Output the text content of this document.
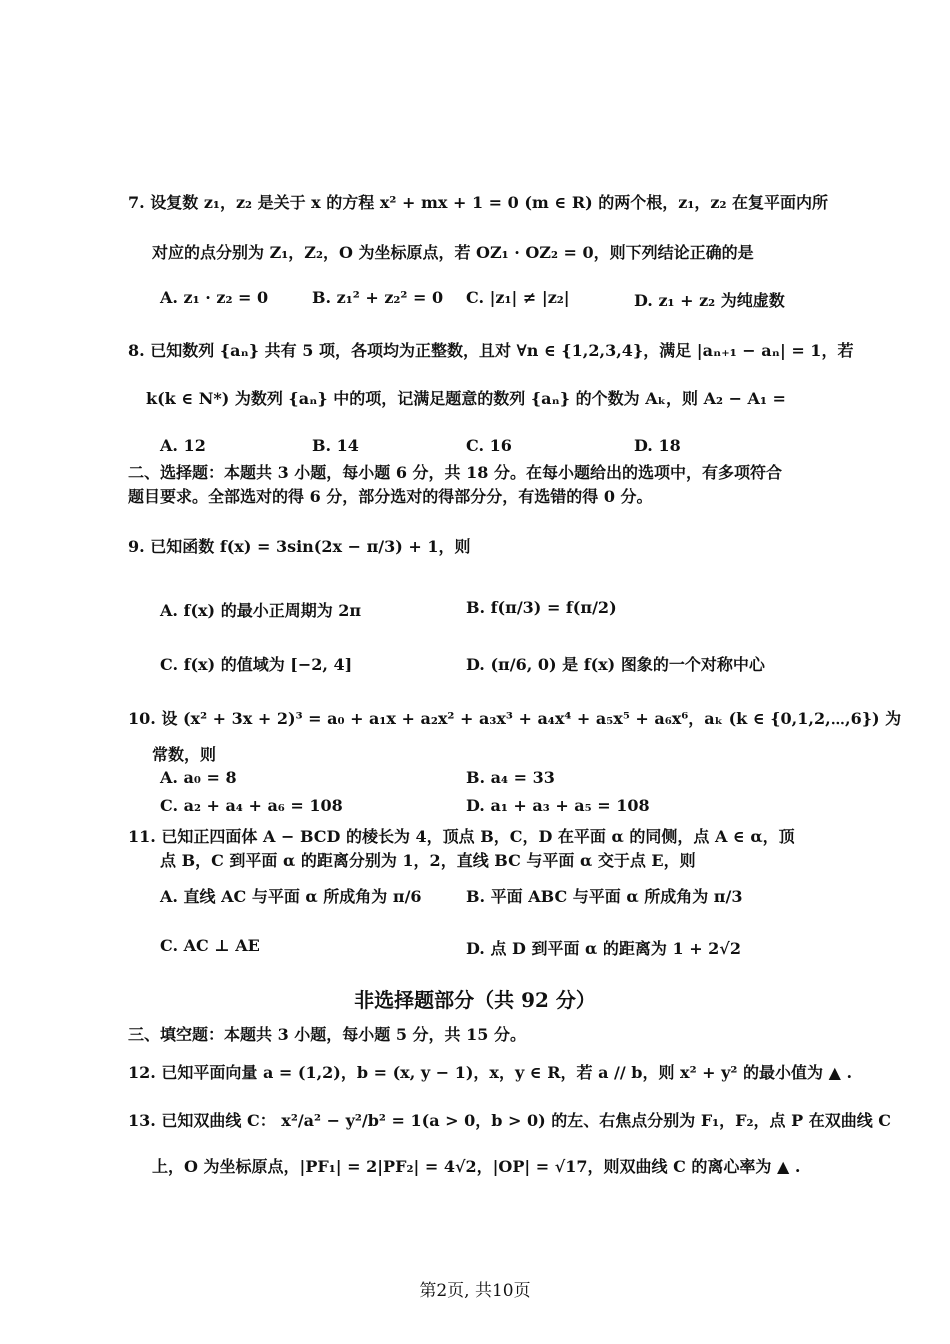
7. 设复数 z₁，z₂ 是关于 x 的方程 x² + mx + 1 = 0 (m ∈ R) 的两个根，z₁，z₂ 在复平面内所
对应的点分别为 Z₁，Z₂，O 为坐标原点，若 OZ₁ · OZ₂ = 0，则下列结论正确的是
A. z₁ · z₂ = 0	B. z₁² + z₂² = 0 C. |z₁| ≠ |z₂|	D. z₁ + z₂ 为纯虚数
8. 已知数列 {aₙ} 共有 5 项，各项均为正整数，且对 ∀n ∈ {1,2,3,4}，满足 |aₙ₊₁ − aₙ| = 1，若
k(k ∈ N*) 为数列 {aₙ} 中的项，记满足题意的数列 {aₙ} 的个数为 Aₖ，则 A₂ − A₁ =
A. 12	B. 14	C. 16	D. 18
二、选择题：本题共 3 小题，每小题 6 分，共 18 分。在每小题给出的选项中，有多项符合
题目要求。全部选对的得 6 分，部分选对的得部分分，有选错的得 0 分。
9. 已知函数 f(x) = 3sin(2x − π/3) + 1，则
A. f(x) 的最小正周期为 2π	B. f(π/3) = f(π/2)
C. f(x) 的值域为 [−2, 4]	D. (π/6, 0) 是 f(x) 图象的一个对称中心
10. 设 (x² + 3x + 2)³ = a₀ + a₁x + a₂x² + a₃x³ + a₄x⁴ + a₅x⁵ + a₆x⁶，aₖ (k ∈ {0,1,2,⋯,6}) 为
常数，则
A. a₀ = 8	B. a₄ = 33
C. a₂ + a₄ + a₆ = 108	D. a₁ + a₃ + a₅ = 108
11. 已知正四面体 A − BCD 的棱长为 4，顶点 B，C，D 在平面 α 的同侧，点 A ∈ α，顶
点 B，C 到平面 α 的距离分别为 1，2，直线 BC 与平面 α 交于点 E，则
A. 直线 AC 与平面 α 所成角为 π/6	B. 平面 ABC 与平面 α 所成角为 π/3
C. AC ⊥ AE	D. 点 D 到平面 α 的距离为 1 + 2√2
非选择题部分（共 92 分）
三、填空题：本题共 3 小题，每小题 5 分，共 15 分。
12. 已知平面向量 a = (1,2)，b = (x, y − 1)，x，y ∈ R，若 a // b，则 x² + y² 的最小值为 ▲ .
13. 已知双曲线 C： x²/a² − y²/b² = 1(a > 0，b > 0) 的左、右焦点分别为 F₁，F₂，点 P 在双曲线 C
上，O 为坐标原点，|PF₁| = 2|PF₂| = 4√2，|OP| = √17，则双曲线 C 的离心率为 ▲ .
第2页, 共10页
